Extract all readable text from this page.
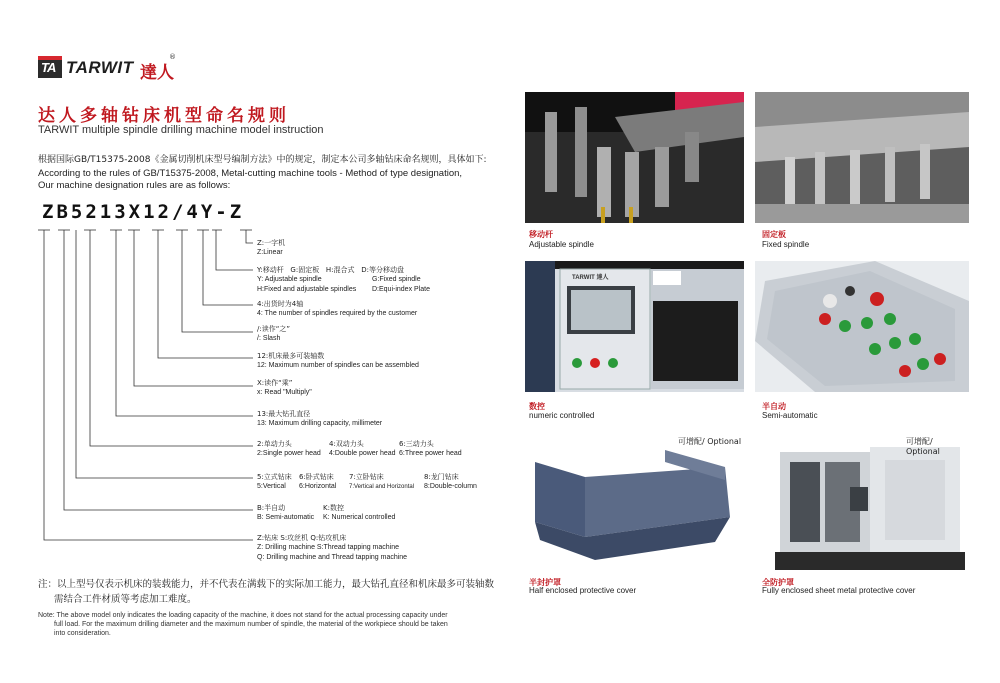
TA TARWIT 達人
®
达人多轴钻床机型命名规则
TARWIT multiple spindle drilling machine model instruction
根据国际GB/T15375-2008《金属切削机床型号编制方法》中的规定，制定本公司多轴钻床命名规则，具体如下:
According to the rules of GB/T15375-2008, Metal-cutting machine tools - Method of type designation,
Our machine designation rules are as follows:
ZB5213X12/4Y-Z
Z:一字机
Z:Linear
Y:移动杆 G:固定板 H:混合式 D:等分移动盘
Y: Adjustable spindle	G:Fixed spindle
H:Fixed and adjustable spindles D:Equi-index Plate
4:出货时为4轴
4: The number of spindles required by the customer
/:读作“之”
/: Slash
12:机床最多可装轴数
12: Maximum number of spindles can be assembled
X:读作“乘”
x: Read "Multiply"
13:最大钻孔直径
13: Maximum drilling capacity, millimeter
2:单动力头	4:双动力头	6:三动力头
2:Single power head 4:Double power head 6:Three power head
5:立式钻床 6:卧式钻床 7:立卧钻床	8:龙门钻床
5:Vertical 6:Horizontal 7:Vertical and Horizontal 8:Double-column
B:半自动	K:数控
B: Semi-automatic K: Numerical controlled
Z:钻床 S:攻丝机 Q:钻攻机床
Z: Drilling machine S:Thread tapping machine
Q: Drilling machine and Thread tapping machine
注：以上型号仅表示机床的装载能力，并不代表在满载下的实际加工能力，最大钻孔直径和机床最多可装轴数
需结合工件材质等考虑加工难度。
Note: The above model only indicates the loading capacity of the machine, it does not stand for the actual processing capacity under
full load. For the maximum drilling diameter and the maximum number of spindle, the material of the workpiece should be taken
into consideration.
移动杆
Adjustable spindle
固定板
Fixed spindle
TARWIT 達人
数控
numeric controlled
半自动
Semi-automatic
可增配/ Optional
半封护罩
Half enclosed protective cover
可增配/ Optional
全防护罩
Fully enclosed sheet metal protective cover
